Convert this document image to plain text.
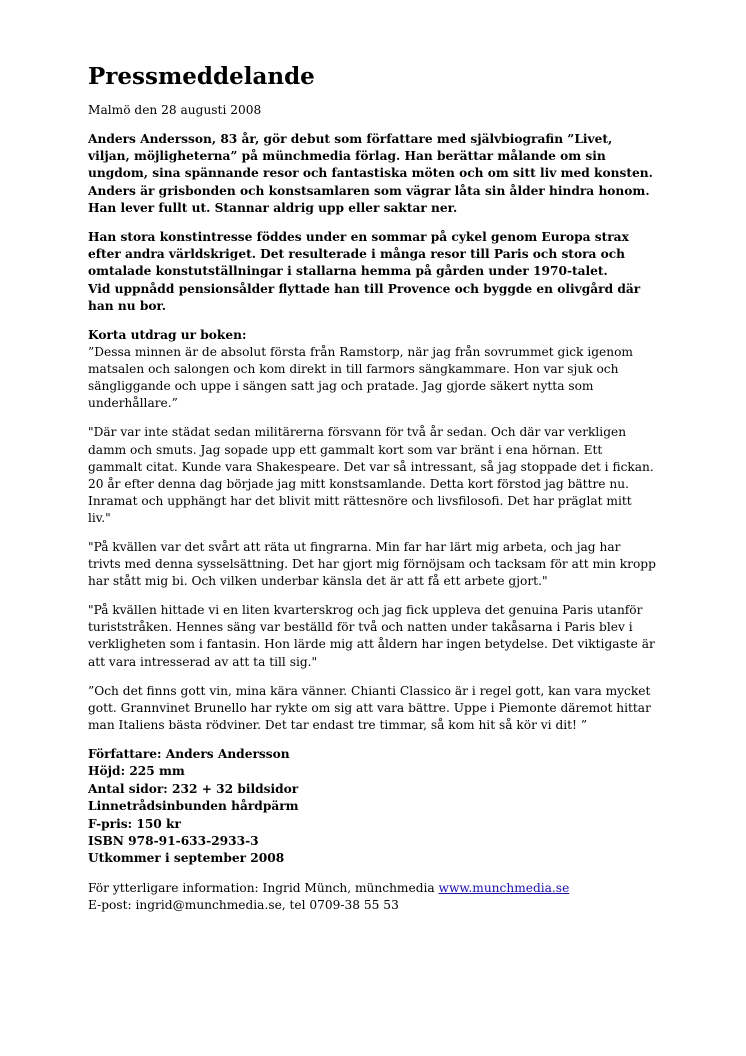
Pressmeddelande

Malmö den 28 augusti 2008

Anders Andersson, 83 år, gör debut som författare med självbiografin ”Livet, viljan, möjligheterna” på münchmedia förlag. Han berättar målande om sin ungdom, sina spännande resor och fantastiska möten och om sitt liv med konsten. Anders är grisbonden och konstsamlaren som vägrar låta sin ålder hindra honom. Han lever fullt ut. Stannar aldrig upp eller saktar ner.

Han stora konstintresse föddes under en sommar på cykel genom Europa strax efter andra världskriget. Det resulterade i många resor till Paris och stora och omtalade konstutställningar i stallarna hemma på gården under 1970-talet.
Vid uppnådd pensionsålder flyttade han till Provence och byggde en olivgård där han nu bor.

Korta utdrag ur boken:

”Dessa minnen är de absolut första från Ramstorp, när jag från sovrummet gick igenom matsalen och salongen och kom direkt in till farmors sängkammare. Hon var sjuk och sängliggande och uppe i sängen satt jag och pratade. Jag gjorde säkert nytta som underhållare.”

"Där var inte städat sedan militärerna försvann för två år sedan. Och där var verkligen damm och smuts. Jag sopade upp ett gammalt kort som var bränt i ena hörnan. Ett gammalt citat. Kunde vara Shakespeare. Det var så intressant, så jag stoppade det i fickan. 20 år efter denna dag började jag mitt konstsamlande. Detta kort förstod jag bättre nu. Inramat och upphängt har det blivit mitt rättesnöre och livsfilosofi. Det har präglat mitt liv."

"På kvällen var det svårt att räta ut fingrarna. Min far har lärt mig arbeta, och jag har trivts med denna sysselsättning. Det har gjort mig förnöjsam och tacksam för att min kropp har stått mig bi. Och vilken underbar känsla det är att få ett arbete gjort."

"På kvällen hittade vi en liten kvarterskrog och jag fick uppleva det genuina Paris utanför turiststråken. Hennes säng var beställd för två och natten under takåsarna i Paris blev i verkligheten som i fantasin. Hon lärde mig att åldern har ingen betydelse. Det viktigaste är att vara intresserad av att ta till sig."

”Och det finns gott vin, mina kära vänner. Chianti Classico är i regel gott, kan vara mycket gott. Grannvinet Brunello har rykte om sig att vara bättre. Uppe i Piemonte däremot hittar man Italiens bästa rödviner. Det tar endast tre timmar, så kom hit så kör vi dit! ”

Författare: Anders Andersson
Höjd: 225 mm
Antal sidor: 232 + 32 bildsidor
Linnetrådsinbunden hårdpärm
F-pris: 150 kr
ISBN 978-91-633-2933-3
Utkommer i september 2008

För ytterligare information: Ingrid Münch, münchmedia www.munchmedia.se
E-post: ingrid@munchmedia.se, tel 0709-38 55 53
